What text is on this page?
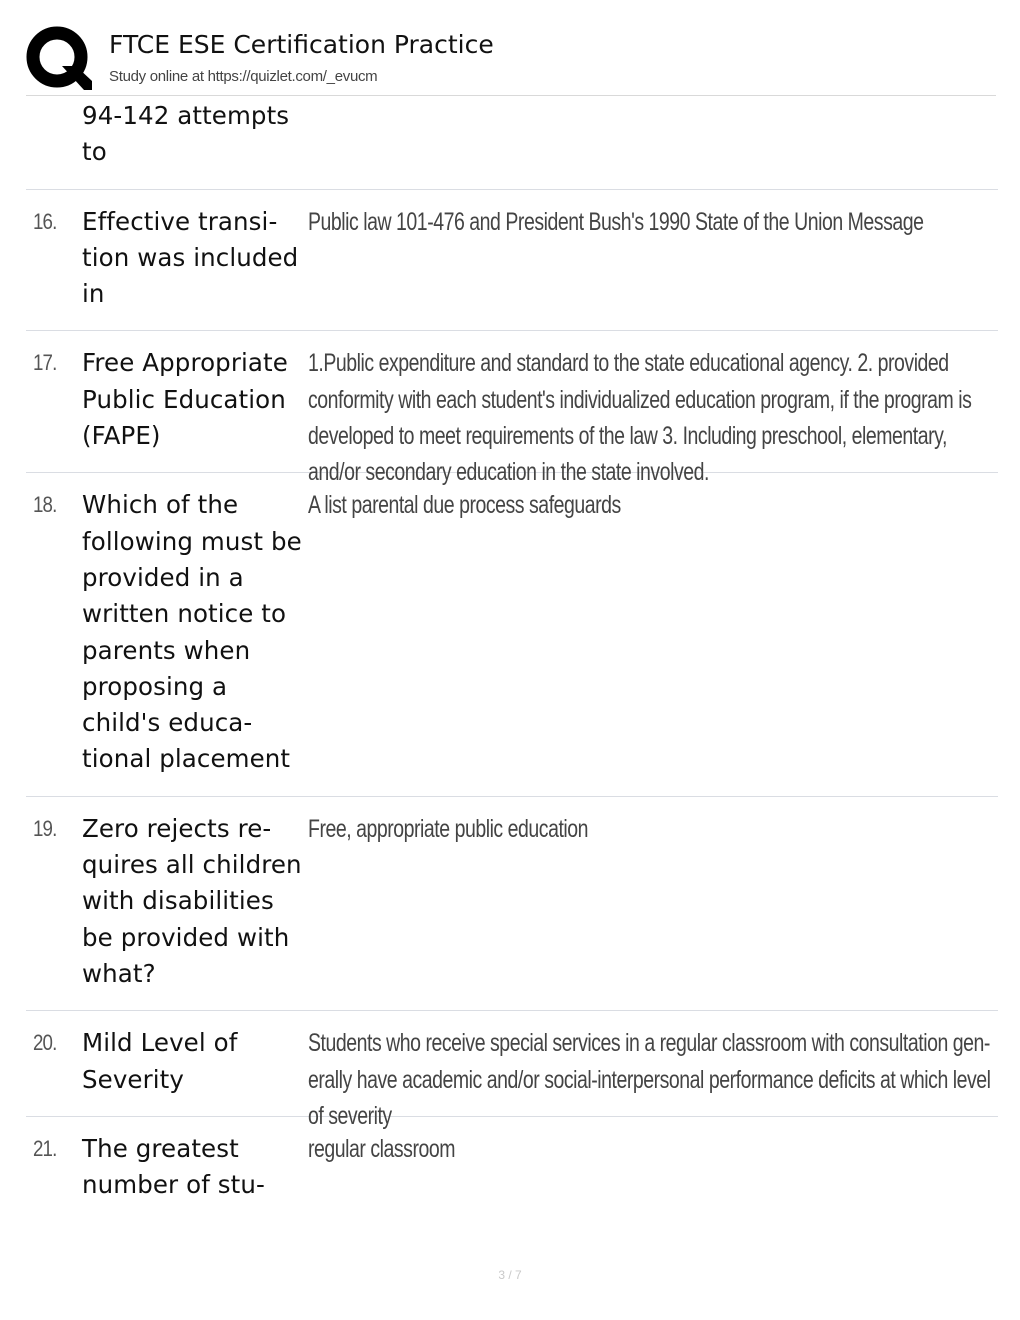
FTCE ESE Certification Practice
Study online at https://quizlet.com/_evucm
94-142 attempts to
16.	Effective transition was included in
Public law 101-476 and President Bush's 1990 State of the Union Message
17.	Free Appropriate Public Education (FAPE)
1.Public expenditure and standard to the state educational agency. 2. provided conformity with each student's individualized education program, if the program is developed to meet requirements of the law 3. Including preschool, elementary, and/or secondary education in the state involved.
18.	Which of the following must be provided in a written notice to parents when proposing a child's educational placement
A list parental due process safeguards
19.	Zero rejects requires all children with disabilities be provided with what?
Free, appropriate public education
20.	Mild Level of Severity
Students who receive special services in a regular classroom with consultation generally have academic and/or social-interpersonal performance deficits at which level of severity
21.	The greatest number of stu-
regular classroom
3 / 7
